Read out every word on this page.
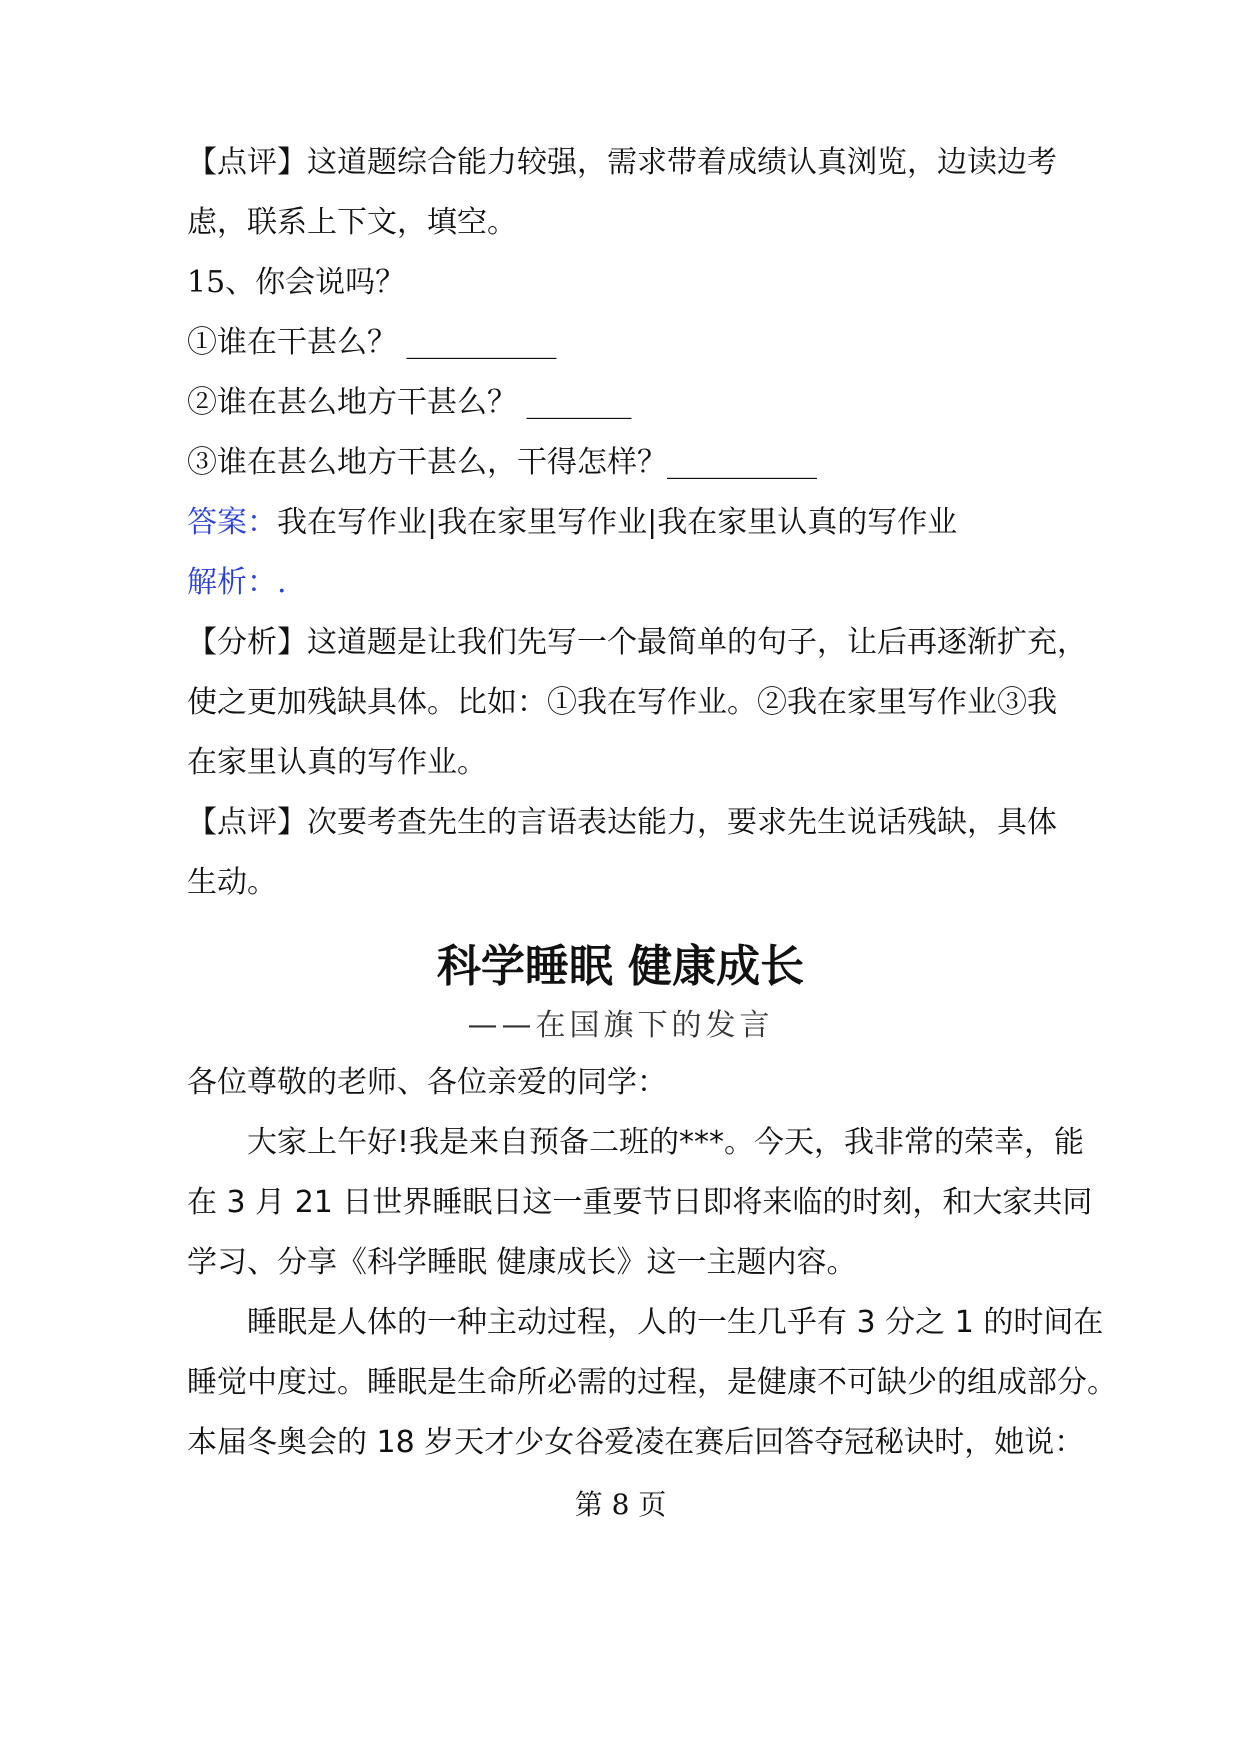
【点评】这道题综合能力较强，需求带着成绩认真浏览，边读边考
虑，联系上下文，填空。
15、你会说吗？
①谁在干甚么？ __________
②谁在甚么地方干甚么？ _______
③谁在甚么地方干甚么，干得怎样？__________
答案：我在写作业|我在家里写作业|我在家里认真的写作业
解析：.
【分析】这道题是让我们先写一个最简单的句子，让后再逐渐扩充，
使之更加残缺具体。比如：①我在写作业。②我在家里写作业③我
在家里认真的写作业。
【点评】次要考查先生的言语表达能力，要求先生说话残缺，具体
生动。
科学睡眠 健康成长
——在国旗下的发言
各位尊敬的老师、各位亲爱的同学：
大家上午好!我是来自预备二班的***。今天，我非常的荣幸，能
在 3 月 21 日世界睡眠日这一重要节日即将来临的时刻，和大家共同
学习、分享《科学睡眠 健康成长》这一主题内容。
睡眠是人体的一种主动过程，人的一生几乎有 3 分之 1 的时间在
睡觉中度过。睡眠是生命所必需的过程，是健康不可缺少的组成部分。
本届冬奥会的 18 岁天才少女谷爱凌在赛后回答夺冠秘诀时，她说：
第 8 页
